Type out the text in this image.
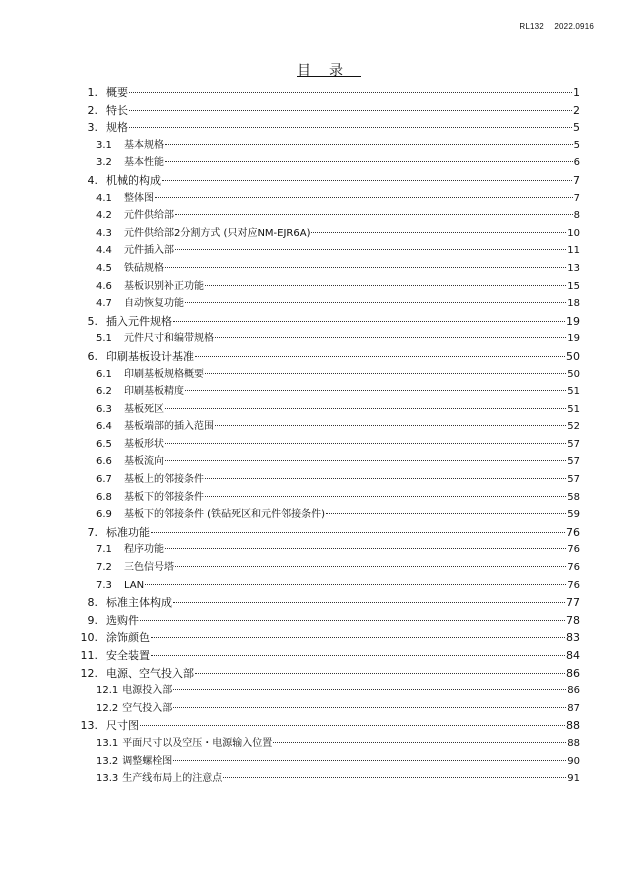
RL132 2022.0916
目录
1. 概要	1
2. 特长	2
3. 规格	5
3.1 基本规格	5
3.2 基本性能	6
4. 机械的构成	7
4.1 整体图	7
4.2 元件供给部	8
4.3 元件供给部2分割方式 (只对应NM-EJR6A)	10
4.4 元件插入部	11
4.5 铁砧规格	13
4.6 基板识别补正功能	15
4.7 自动恢复功能	18
5. 插入元件规格	19
5.1 元件尺寸和编带规格	19
6. 印刷基板设计基准	50
6.1 印刷基板规格概要	50
6.2 印刷基板精度	51
6.3 基板死区	51
6.4 基板端部的插入范围	52
6.5 基板形状	57
6.6 基板流向	57
6.7 基板上的邻接条件	57
6.8 基板下的邻接条件	58
6.9 基板下的邻接条件 (铁砧死区和元件邻接条件)	59
7. 标准功能	76
7.1 程序功能	76
7.2 三色信号塔	76
7.3 LAN	76
8. 标准主体构成	77
9. 选购件	78
10. 涂饰颜色	83
11. 安全装置	84
12. 电源、空气投入部	86
12.1 电源投入部	86
12.2 空气投入部	87
13. 尺寸图	88
13.1 平面尺寸以及空压・电源输入位置	88
13.2 调整螺栓图	90
13.3 生产线布局上的注意点	91
